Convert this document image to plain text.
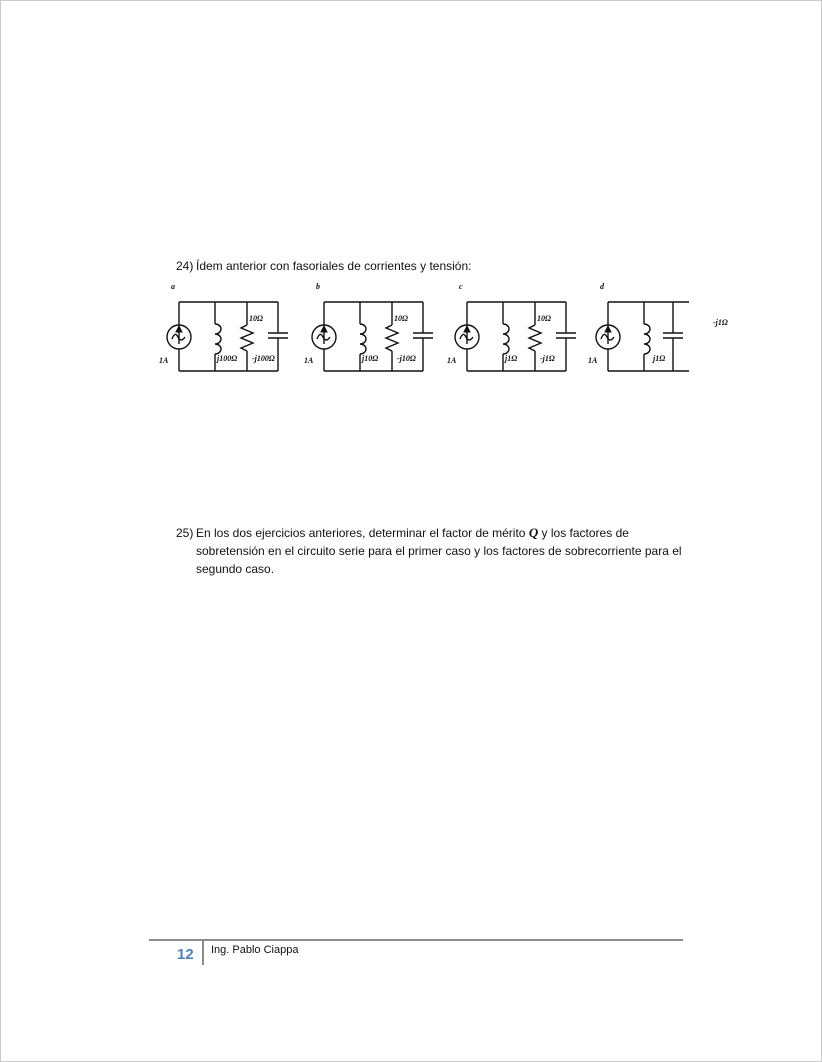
24) Ídem anterior con fasoriales de corrientes y tensión:
a
1A	j100Ω
10Ω
-j100Ω
b
1A	j10Ω
10Ω
-j10Ω
c
1A	j1Ω
10Ω
-j1Ω
d
1A	j1Ω
-j1Ω
25) En los dos ejercicios anteriores, determinar el factor de mérito Q y los factores de sobretensión en el circuito serie para el primer caso y los factores de sobrecorriente para el segundo caso.
12 Ing. Pablo Ciappa
